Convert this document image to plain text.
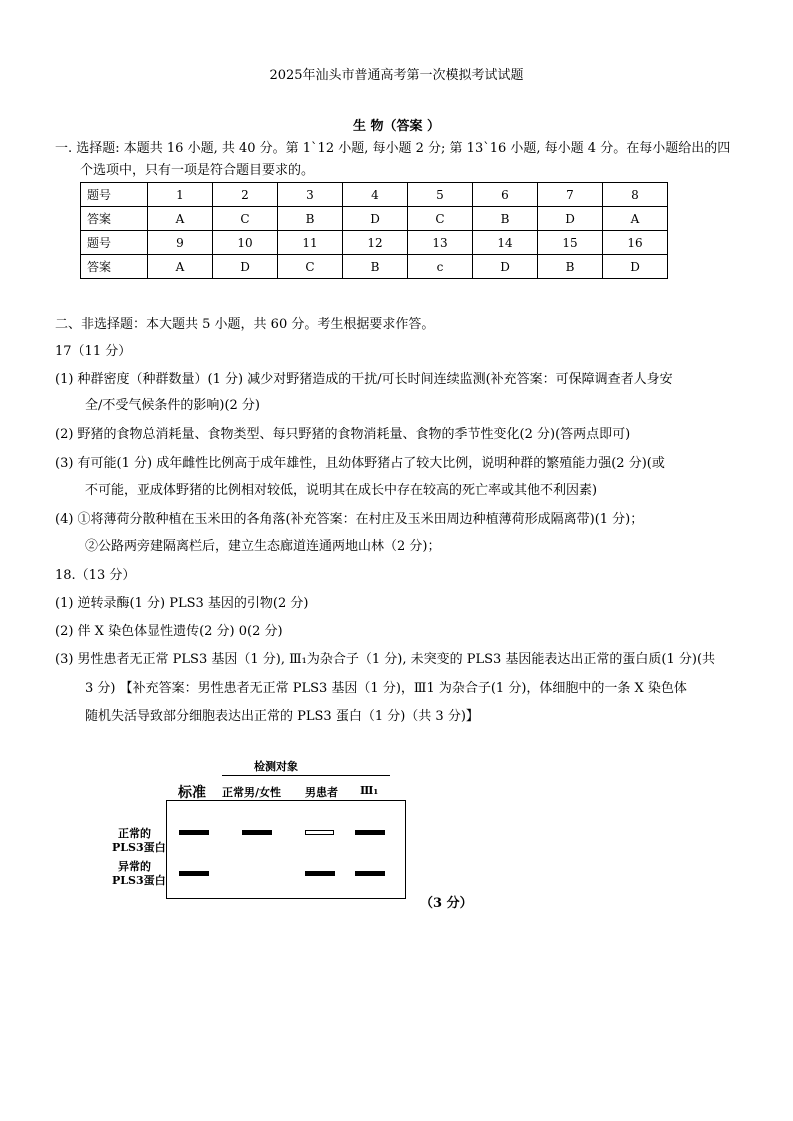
2025年汕头市普通高考第一次模拟考试试题
生 物（答案 ）
一. 选择题: 本题共 16 小题, 共 40 分。第 1`12 小题, 每小题 2 分; 第 13`16 小题, 每小题 4 分。在每小题给出的四
个选项中，只有一项是符合题目要求的。
题号	1	2	3	4	5	6	7	8
答案	A	C	B	D	C	B	D	A
题号	9	10	11	12	13	14	15	16
答案	A	D	C	B	c	D	B	D
二、非选择题：本大题共 5 小题，共 60 分。考生根据要求作答。
17（11 分）
(1) 种群密度（种群数量）(1 分) 减少对野猪造成的干扰/可长时间连续监测(补充答案：可保障调查者人身安
全/不受气候条件的影响)(2 分)
(2) 野猪的食物总消耗量、食物类型、每只野猪的食物消耗量、食物的季节性变化(2 分)(答两点即可)
(3) 有可能(1 分) 成年雌性比例高于成年雄性，且幼体野猪占了较大比例，说明种群的繁殖能力强(2 分)(或
不可能，亚成体野猪的比例相对较低，说明其在成长中存在较高的死亡率或其他不利因素)
(4) ①将薄荷分散种植在玉米田的各角落(补充答案：在村庄及玉米田周边种植薄荷形成隔离带)(1 分)；
②公路两旁建隔离栏后，建立生态廊道连通两地山林（2 分)；
18.（13 分）
(1) 逆转录酶(1 分) PLS3 基因的引物(2 分)
(2) 伴 X 染色体显性遗传(2 分) 0(2 分)
(3) 男性患者无正常 PLS3 基因（1 分), Ⅲ₁为杂合子（1 分), 未突变的 PLS3 基因能表达出正常的蛋白质(1 分)(共
3 分) 【补充答案：男性患者无正常 PLS3 基因（1 分)，Ⅲ1 为杂合子(1 分)，体细胞中的一条 X 染色体
随机失活导致部分细胞表达出正常的 PLS3 蛋白（1 分)（共 3 分)】
检测对象
标准 正常男/女性 男患者 Ⅲ₁
正常的
PLS3蛋白
异常的
PLS3蛋白
（3 分）
